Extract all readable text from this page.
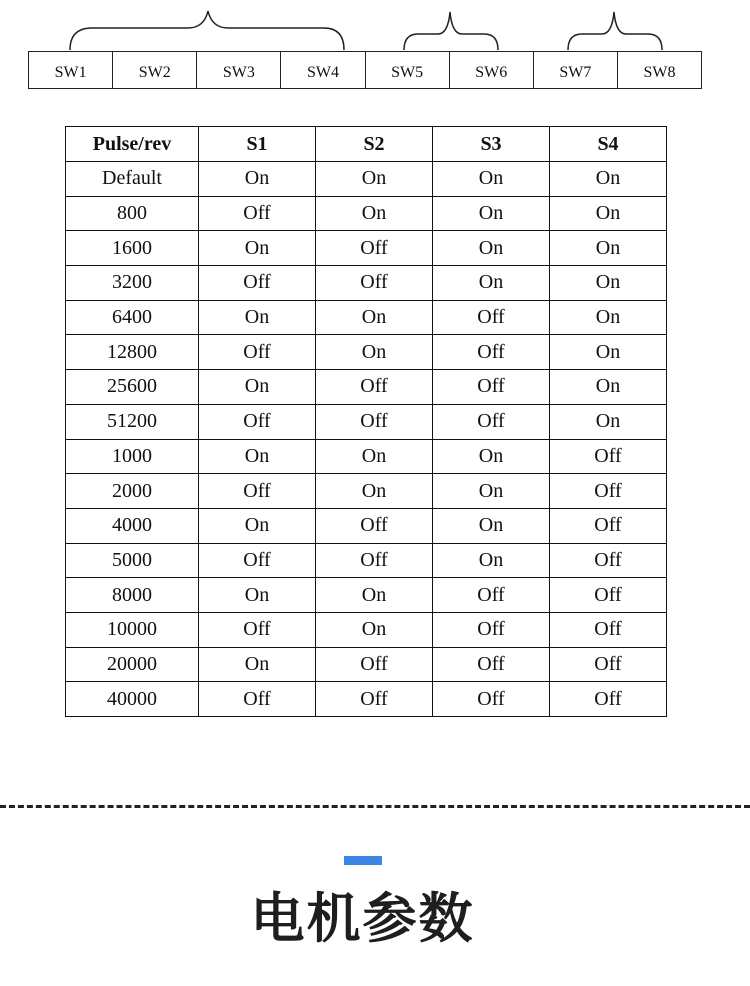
SW1	SW2	SW3	SW4	SW5	SW6	SW7	SW8
Pulse/rev	S1	S2	S3	S4
Default	On	On	On	On
800	Off	On	On	On
1600	On	Off	On	On
3200	Off	Off	On	On
6400	On	On	Off	On
12800	Off	On	Off	On
25600	On	Off	Off	On
51200	Off	Off	Off	On
1000	On	On	On	Off
2000	Off	On	On	Off
4000	On	Off	On	Off
5000	Off	Off	On	Off
8000	On	On	Off	Off
10000	Off	On	Off	Off
20000	On	Off	Off	Off
40000	Off	Off	Off	Off
电机参数
